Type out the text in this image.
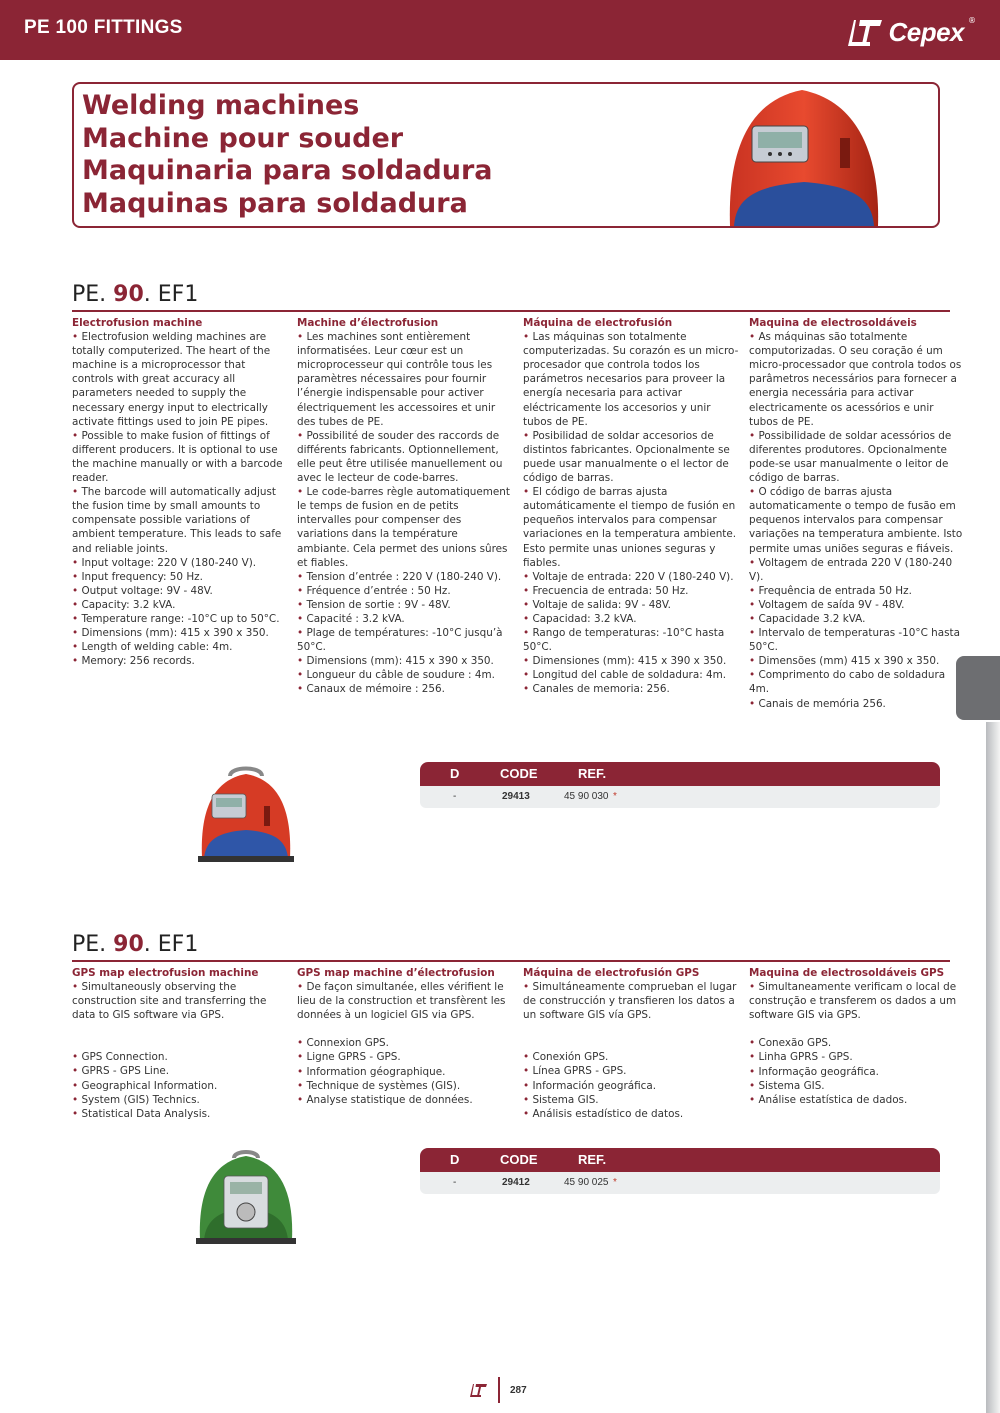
PE 100 FITTINGS	Cepex ®
Welding machines
Machine pour souder
Maquinaria para soldadura
Maquinas para soldadura
PE. 90. EF1
Electrofusion machine

• Electrofusion welding machines are totally computerized. The heart of the machine is a microprocessor that controls with great accuracy all parameters needed to supply the necessary energy input to electrically activate fittings used to join PE pipes.

• Possible to make fusion of fittings of different producers. It is optional to use the machine manually or with a barcode reader.

• The barcode will automatically adjust the fusion time by small amounts to compensate possible variations of ambient temperature. This leads to safe and reliable joints.

• Input voltage: 220 V (180-240 V).

• Input frequency: 50 Hz.

• Output voltage: 9V - 48V.

• Capacity: 3.2 kVA.

• Temperature range: -10°C up to 50°C.

• Dimensions (mm): 415 x 390 x 350.

• Length of welding cable: 4m.

• Memory: 256 records.

Machine d’électrofusion

• Les machines sont entièrement informatisées. Leur cœur est un microprocesseur qui contrôle tous les paramètres nécessaires pour fournir l’énergie indispensable pour activer électriquement les accessoires et unir des tubes de PE.

• Possibilité de souder des raccords de différents fabricants. Optionnellement, elle peut être utilisée manuellement ou avec le lecteur de code-barres.

• Le code-barres règle automatiquement le temps de fusion en de petits intervalles pour compenser des variations dans la température ambiante. Cela permet des unions sûres et fiables.

• Tension d’entrée : 220 V (180-240 V).

• Fréquence d’entrée : 50 Hz.

• Tension de sortie : 9V - 48V.

• Capacité : 3.2 kVA.

• Plage de températures: -10°C jusqu’à 50°C.

• Dimensions (mm): 415 x 390 x 350.

• Longueur du câble de soudure : 4m.

• Canaux de mémoire : 256.

Máquina de electrofusión

• Las máquinas son totalmente computerizadas. Su corazón es un micro-procesador que controla todos los parámetros necesarios para proveer la energía necesaria para activar eléctricamente los accesorios y unir tubos de PE.

• Posibilidad de soldar accesorios de distintos fabricantes. Opcionalmente se puede usar manualmente o el lector de código de barras.

• El código de barras ajusta automáticamente el tiempo de fusión en pequeños intervalos para compensar variaciones en la temperatura ambiente. Esto permite unas uniones seguras y fiables.

• Voltaje de entrada: 220 V (180-240 V).

• Frecuencia de entrada: 50 Hz.

• Voltaje de salida: 9V - 48V.

• Capacidad: 3.2 kVA.

• Rango de temperaturas: -10°C hasta 50°C.

• Dimensiones (mm): 415 x 390 x 350.

• Longitud del cable de soldadura: 4m.

• Canales de memoria: 256.

Maquina de electrosoldáveis

• As máquinas são totalmente computorizadas. O seu coração é um micro-processador que controla todos os parâmetros necessários para fornecer a energia necessária para activar electricamente os acessórios e unir tubos de PE.

• Possibilidade de soldar acessórios de diferentes produtores. Opcionalmente pode-se usar manualmente o leitor de código de barras.

• O código de barras ajusta automaticamente o tempo de fusão em pequenos intervalos para compensar variações na temperatura ambiente. Isto permite umas uniões seguras e fiáveis.

• Voltagem de entrada 220 V (180-240 V).

• Frequência de entrada 50 Hz.

• Voltagem de saída 9V - 48V.

• Capacidade 3.2 kVA.

• Intervalo de temperaturas -10°C hasta 50°C.

• Dimensões (mm) 415 x 390 x 350.

• Comprimento do cabo de soldadura 4m.

• Canais de memória 256.

D	CODE	REF.
-	29413	45 90 030 *
PE. 90. EF1
GPS map electrofusion machine

• Simultaneously observing the construction site and transferring the data to GIS software via GPS.

• GPS Connection.

• GPRS - GPS Line.

• Geographical Information.

• System (GIS) Technics.

• Statistical Data Analysis.

GPS map machine d’électrofusion

• De façon simultanée, elles vérifient le lieu de la construction et transfèrent les données à un logiciel GIS via GPS.

• Connexion GPS.

• Ligne GPRS - GPS.

• Information géographique.

• Technique de systèmes (GIS).

• Analyse statistique de données.

Máquina de electrofusión GPS

• Simultáneamente comprueban el lugar de construcción y transfieren los datos a un software GIS vía GPS.

• Conexión GPS.

• Línea GPRS - GPS.

• Información geográfica.

• Sistema GIS.

• Análisis estadístico de datos.

Maquina de electrosoldáveis GPS

• Simultaneamente verificam o local de construção e transferem os dados a um software GIS via GPS.

• Conexão GPS.

• Linha GPRS - GPS.

• Informação geográfica.

• Sistema GIS.

• Análise estatística de dados.

D	CODE	REF.
-	29412	45 90 025 *
287
